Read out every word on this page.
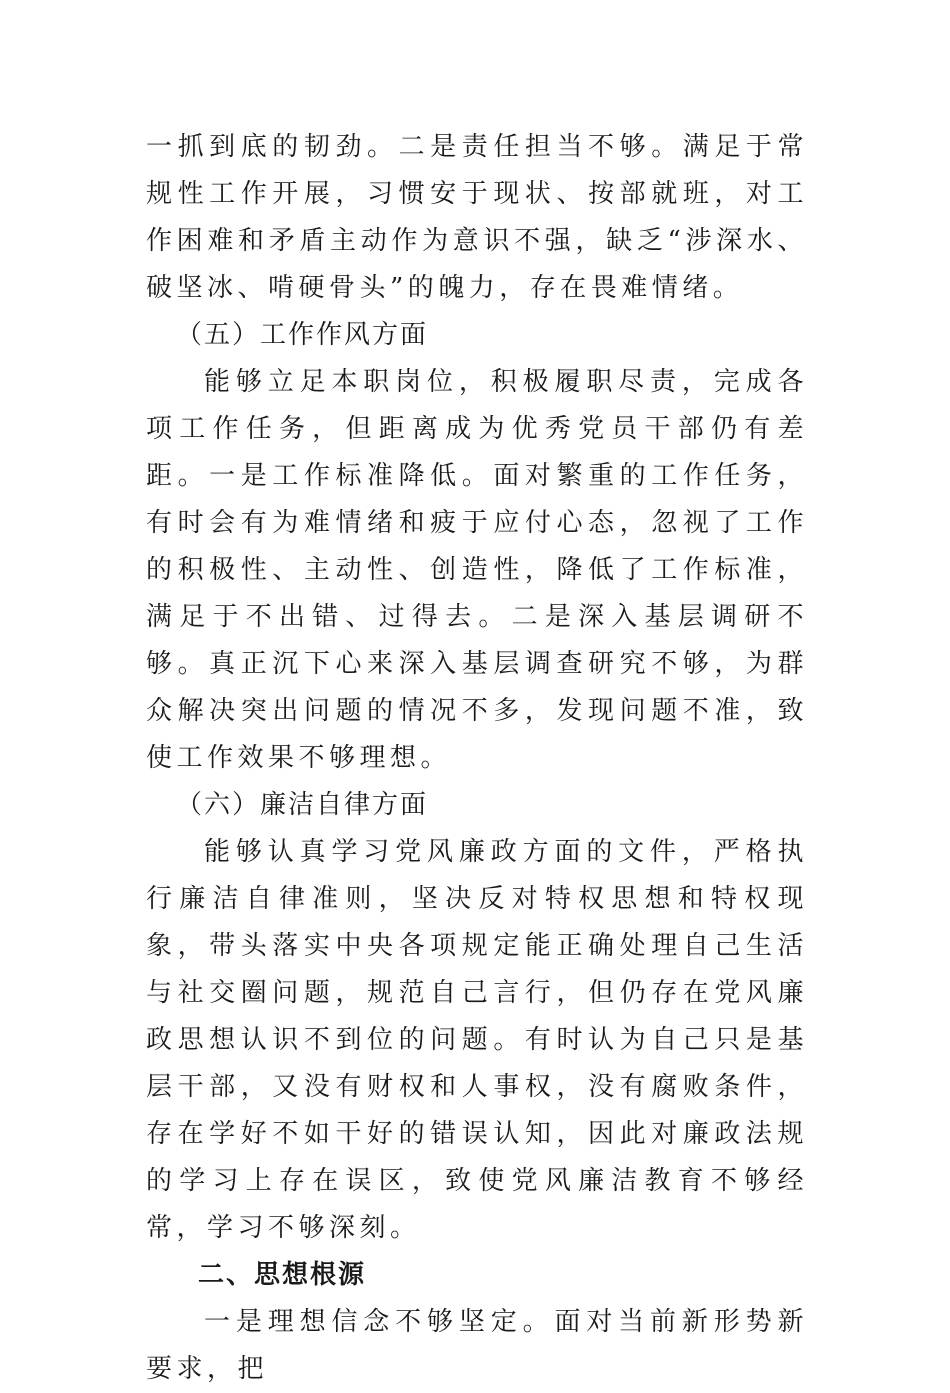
一抓到底的韧劲。二是责任担当不够。满足于常规性工作开展，习惯安于现状、按部就班，对工作困难和矛盾主动作为意识不强，缺乏“涉深水、破坚冰、啃硬骨头”的魄力，存在畏难情绪。

（五）工作作风方面

能够立足本职岗位，积极履职尽责，完成各项工作任务，但距离成为优秀党员干部仍有差距。一是工作标准降低。面对繁重的工作任务，有时会有为难情绪和疲于应付心态，忽视了工作的积极性、主动性、创造性，降低了工作标准，满足于不出错、过得去。二是深入基层调研不够。真正沉下心来深入基层调查研究不够，为群众解决突出问题的情况不多，发现问题不准，致使工作效果不够理想。

（六）廉洁自律方面

能够认真学习党风廉政方面的文件，严格执行廉洁自律准则，坚决反对特权思想和特权现象，带头落实中央各项规定能正确处理自己生活与社交圈问题，规范自己言行，但仍存在党风廉政思想认识不到位的问题。有时认为自己只是基层干部，又没有财权和人事权，没有腐败条件，存在学好不如干好的错误认知，因此对廉政法规的学习上存在误区，致使党风廉洁教育不够经常，学习不够深刻。

二、思想根源

一是理想信念不够坚定。面对当前新形势新要求，把
